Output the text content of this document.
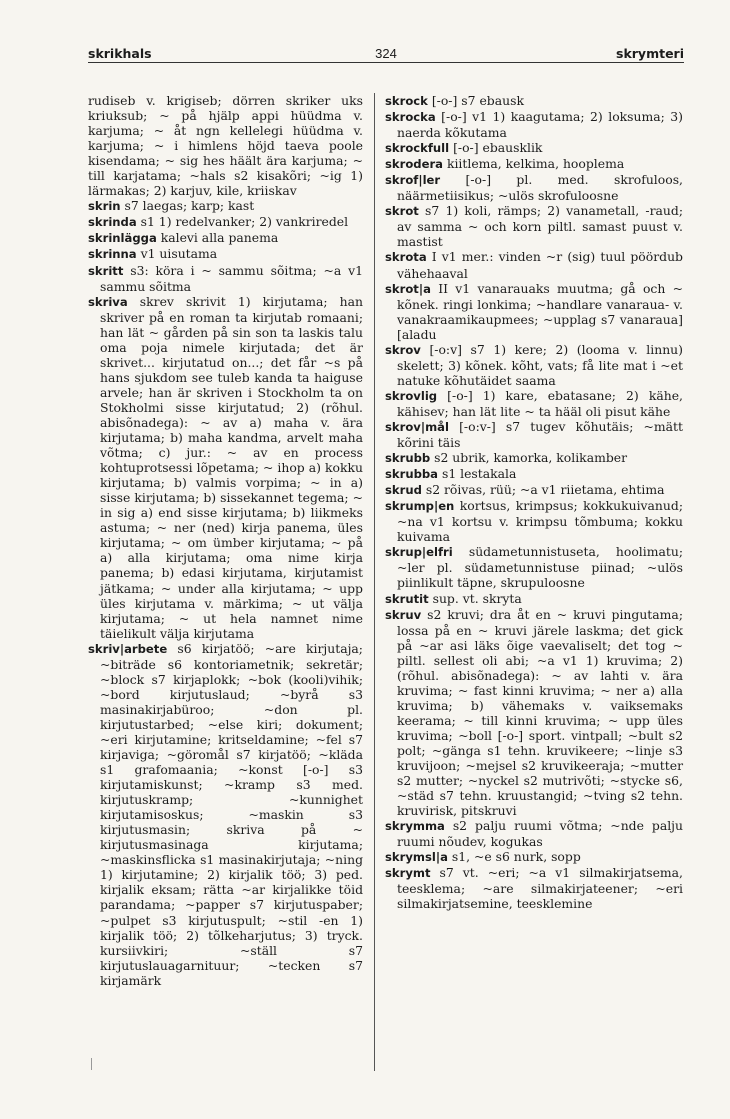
skrikhals	324	skrymteri

rudiseb v. krigiseb; dörren skriker uks kriuksub; ~ på hjälp appi hüüdma v. karjuma; ~ åt ngn kellelegi hüüdma v. karjuma; ~ i himlens höjd taeva poole kisendama; ~ sig hes häält ära karjuma; ~ till karjatama; ~hals s2 kisakõri; ~ig 1) lärmakas; 2) karjuv, kile, kriiskav

skrin s7 laegas; karp; kast

skrinda s1 1) redelvanker; 2) vankriredel

skrinlägga kalevi alla panema

skrinna v1 uisutama

skritt s3: köra i ~ sammu sõitma; ~a v1 sammu sõitma

skriva skrev skrivit 1) kirjutama; han skriver på en roman ta kirjutab romaani; han lät ~ gården på sin son ta laskis talu oma poja nimele kirjutada; det är skrivet... kirjutatud on...; det får ~s på hans sjukdom see tuleb kanda ta haiguse arvele; han är skriven i Stockholm ta on Stokholmi sisse kirjutatud; 2) (rõhul. abisõnadega): ~ av a) maha v. ära kirjutama; b) maha kandma, arvelt maha võtma; c) jur.: ~ av en process kohtuprotsessi lõpetama; ~ ihop a) kokku kirjutama; b) valmis vorpima; ~ in a) sisse kirjutama; b) sissekannet tegema; ~ in sig a) end sisse kirjutama; b) liikmeks astuma; ~ ner (ned) kirja panema, üles kirjutama; ~ om ümber kirjutama; ~ på a) alla kirjutama; oma nime kirja panema; b) edasi kirjutama, kirjutamist jätkama; ~ under alla kirjutama; ~ upp üles kirjutama v. märkima; ~ ut välja kirjutama; ~ ut hela namnet nime täielikult välja kirjutama

skriv|arbete s6 kirjatöö; ~are kirjutaja; ~biträde s6 kontoriametnik; sekretär; ~block s7 kirjaplokk; ~bok (kooli)vihik; ~bord kirjutuslaud; ~byrå s3 masinakirjabüroo; ~don pl. kirjutustarbed; ~else kiri; dokument; ~eri kirjutamine; kritseldamine; ~fel s7 kirjaviga; ~göromål s7 kirjatöö; ~kläda s1 grafomaania; ~konst [-o-] s3 kirjutamiskunst; ~kramp s3 med. kirjutuskramp; ~kunnighet kirjutamisoskus; ~maskin s3 kirjutusmasin; skriva på ~ kirjutusmasinaga kirjutama; ~maskinsflicka s1 masinakirjutaja; ~ning 1) kirjutamine; 2) kirjalik töö; 3) ped. kirjalik eksam; rätta ~ar kirjalikke töid parandama; ~papper s7 kirjutuspaber; ~pulpet s3 kirjutuspult; ~stil -en 1) kirjalik töö; 2) tõlkeharjutus; 3) tryck. kursiivkiri; ~ställ s7 kirjutuslauagarnituur; ~tecken s7 kirjamärk

skrock [-o-] s7 ebausk

skrocka [-o-] v1 1) kaagutama; 2) loksuma; 3) naerda kõkutama

skrockfull [-o-] ebausklik

skrodera kiitlema, kelkima, hooplema

skrof|ler [-o-] pl. med. skrofuloos, näärmetiisikus; ~ulös skrofuloosne

skrot s7 1) koli, rämps; 2) vanametall, -raud; av samma ~ och korn piltl. samast puust v. mastist

skrota I v1 mer.: vinden ~r (sig) tuul pöördub vähehaaval

skrot|a II v1 vanarauaks muutma; gå och ~ kõnek. ringi lonkima; ~handlare vanaraua- v. vanakraamikaupmees; ~upplag s7 vanaraua][aladu

skrov [-o:v] s7 1) kere; 2) (looma v. linnu) skelett; 3) kõnek. kõht, vats; få lite mat i ~et natuke kõhutäidet saama

skrovlig [-o-] 1) kare, ebatasane; 2) kähe, kähisev; han lät lite ~ ta hääl oli pisut kähe

skrov|mål [-o:v-] s7 tugev kõhutäis; ~mätt kõrini täis

skrubb s2 ubrik, kamorka, kolikamber

skrubba s1 lestakala

skrud s2 rõivas, rüü; ~a v1 riietama, ehtima

skrump|en kortsus, krimpsus; kokkukuivanud; ~na v1 kortsu v. krimpsu tõmbuma; kokku kuivama

skrup|elfri südametunnistuseta, hoolimatu; ~ler pl. südametunnistuse piinad; ~ulös piinlikult täpne, skrupuloosne

skrutit sup. vt. skryta

skruv s2 kruvi; dra åt en ~ kruvi pingutama; lossa på en ~ kruvi järele laskma; det gick på ~ar asi läks õige vaevaliselt; det tog ~ piltl. sellest oli abi; ~a v1 1) kruvima; 2) (rõhul. abisõnadega): ~ av lahti v. ära kruvima; ~ fast kinni kruvima; ~ ner a) alla kruvima; b) vähemaks v. vaiksemaks keerama; ~ till kinni kruvima; ~ upp üles kruvima; ~boll [-o-] sport. vintpall; ~bult s2 polt; ~gänga s1 tehn. kruvikeere; ~linje s3 kruvijoon; ~mejsel s2 kruvikeeraja; ~mutter s2 mutter; ~nyckel s2 mutrivõti; ~stycke s6, ~städ s7 tehn. kruustangid; ~tving s2 tehn. kruvirisk, pitskruvi

skrymma s2 palju ruumi võtma; ~nde palju ruumi nõudev, kogukas

skrymsl|a s1, ~e s6 nurk, sopp

skrymt s7 vt. ~eri; ~a v1 silmakirjatsema, teesklema; ~are silmakirjateener; ~eri silmakirjatsemine, teesklemine
